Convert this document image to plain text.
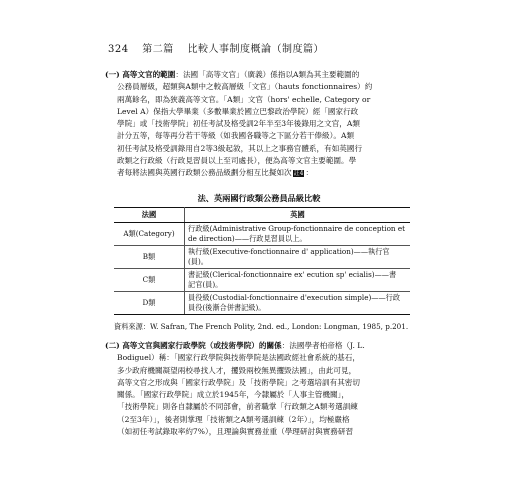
324 第二篇 比較人事制度概論（制度篇）

(一) 高等文官的範圍：法國「高等文官」（廣義）係指以A類為其主要範圍的

公務員層級，超類與A類中之較高層級「文官」（hauts fonctionnaires）約
兩萬餘名，即為狹義高等文官。「A類」文官（hors' echelle, Category or
Level A）保指大學畢業（多數畢業於國立巴黎政治學院）經「國家行政
學院」或「技術學院」初任考試及格受訓2年半至3年後錄用之文官，A類
計分五等，每等再分若干等級（如我國各職等之下區分若干俸級）。A類
初任考試及格受訓錄用自2等3級起敘，其以上之事務官體系，有如英國行
政類之行政級（行政見習員以上至司處長），便為高等文官主要範圍。學
者每將法國與英國行政類公務品級劃分相互比擬如次 註4 ：

法、英兩國行政類公務員品級比較
法國	英國
A類(Category)	行政級(Administrative Group-fonctionnaire de conception et
de direction)——行政見習員以上。
B類	執行級(Executive-fonctionnaire d' application)——執行官
(員)。
C類	書記級(Clerical-fonctionnaire ex' ecution sp' ecialis)——書
記官(員)。
D類	員役級(Custodial-fonctionnaire d'execution simple)——行政
員役(後漸合併書記級)。
資料來源：W. Safran, The French Polity, 2nd. ed., London: Longman, 1985, p.201.

(二) 高等文官與國家行政學院（或技術學院）的關係：法國學者柏帝格（J. L.

Bodiguel）稱：「國家行政學院與技術學院是法國政經社會系統的基石，
多少政府機關凝望兩校尋找人才，攫毀兩校無異攫毀法國」，由此可見，
高等文官之形成與「國家行政學院」及「技術學院」之考選培訓有其密切
關係。「國家行政學院」成立於1945年，今隸屬於「人事主管機關」，
「技術學院」則各自隸屬於不同部會，前者職掌「行政類之A類考選訓練
（2至3年）」，後者則掌理「技術類之A類考選訓練（2年）」，均極嚴格
（如初任考試錄取率約7%），且理論與實務並重（學理研討與實務研習
